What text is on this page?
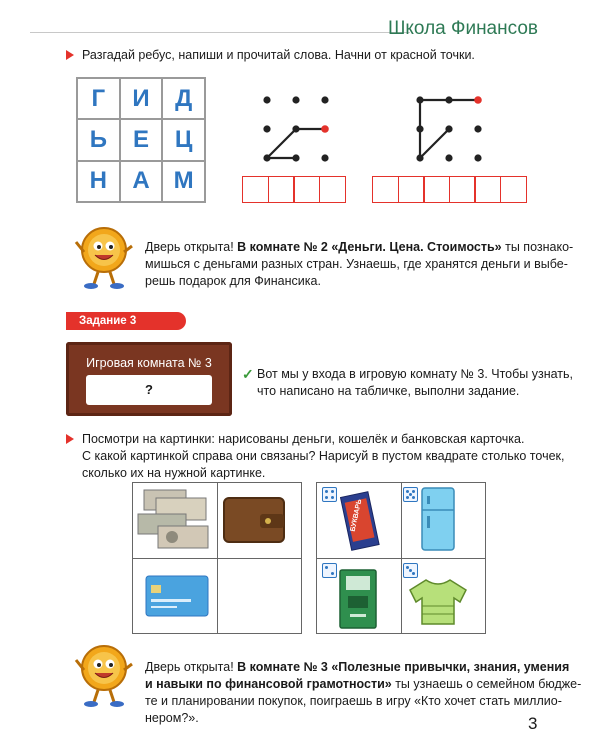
Школа Финансов
Разгадай ребус, напиши и прочитай слова. Начни от красной точки.
Г	И	Д
Ь	Е	Ц
Н	А	М
Дверь открыта! В комнате № 2 «Деньги. Цена. Стоимость» ты познако-
мишься с деньгами разных стран. Узнаешь, где хранятся деньги и выбе-
решь подарок для Финансика.
Задание 3
Игровая комната № 3
?
✓ Вот мы у входа в игровую комнату № 3. Чтобы узнать,
что написано на табличке, выполни задание.
Посмотри на картинки: нарисованы деньги, кошелёк и банковская карточка.
С какой картинкой справа они связаны? Нарисуй в пустом квадрате столько точек,
сколько их на нужной картинке.
БУКВАРЬ
Дверь открыта! В комнате № 3 «Полезные привычки, знания, умения
и навыки по финансовой грамотности» ты узнаешь о семейном бюдже-
те и планировании покупок, поиграешь в игру «Кто хочет стать миллио-
нером?».	3
